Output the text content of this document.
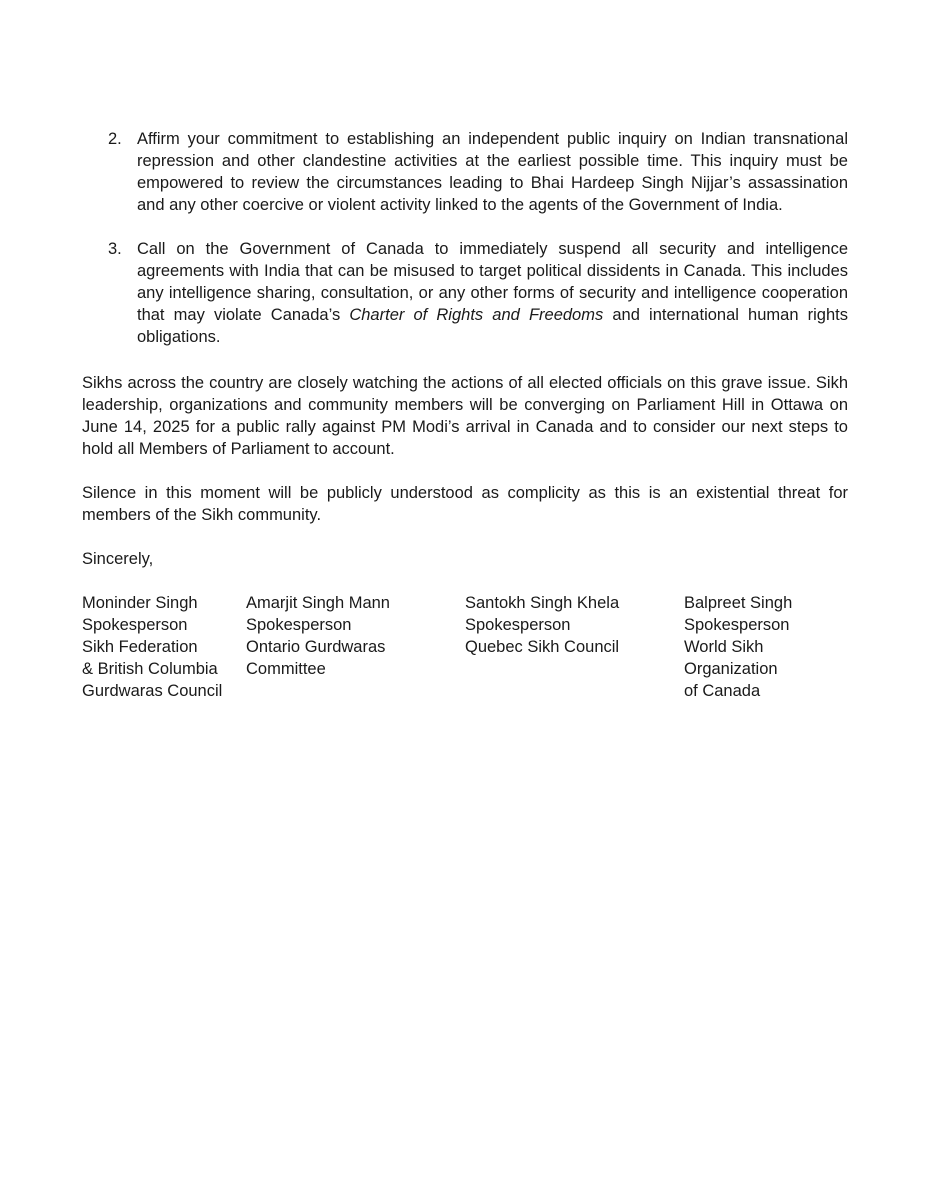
2. Affirm your commitment to establishing an independent public inquiry on Indian transnational repression and other clandestine activities at the earliest possible time. This inquiry must be empowered to review the circumstances leading to Bhai Hardeep Singh Nijjar’s assassination and any other coercive or violent activity linked to the agents of the Government of India.
3. Call on the Government of Canada to immediately suspend all security and intelligence agreements with India that can be misused to target political dissidents in Canada. This includes any intelligence sharing, consultation, or any other forms of security and intelligence cooperation that may violate Canada’s Charter of Rights and Freedoms and international human rights obligations.

Sikhs across the country are closely watching the actions of all elected officials on this grave issue. Sikh leadership, organizations and community members will be converging on Parliament Hill in Ottawa on June 14, 2025 for a public rally against PM Modi’s arrival in Canada and to consider our next steps to hold all Members of Parliament to account.

Silence in this moment will be publicly understood as complicity as this is an existential threat for members of the Sikh community.

Sincerely,

Moninder Singh
Spokesperson
Sikh Federation
& British Columbia
Gurdwaras Council
Amarjit Singh Mann
Spokesperson
Ontario Gurdwaras
Committee
Santokh Singh Khela
Spokesperson
Quebec Sikh Council
Balpreet Singh
Spokesperson
World Sikh
Organization
of Canada
